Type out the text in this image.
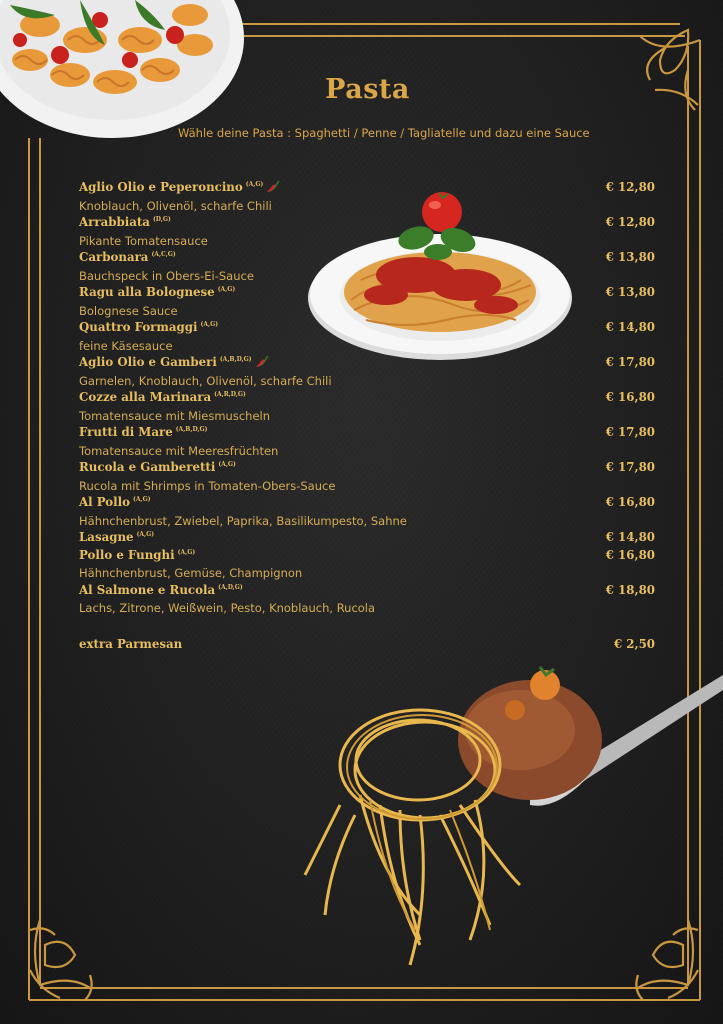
Pasta
Wähle deine Pasta : Spaghetti / Penne / Tagliatelle und dazu eine Sauce
Aglio Olio e Peperoncino $^{(A,G)}$	€ 12,80
Knoblauch, Olivenöl, scharfe Chili
Arrabbiata $^{(D,G)}$	€ 12,80
Pikante Tomatensauce
Carbonara $^{(A,C,G)}$	€ 13,80
Bauchspeck in Obers-Ei-Sauce
Ragu alla Bolognese $^{(A,G)}$	€ 13,80
Bolognese Sauce
Quattro Formaggi $^{(A,G)}$	€ 14,80
feine Käsesauce
Aglio Olio e Gamberi $^{(A,B,D,G)}$	€ 17,80
Garnelen, Knoblauch, Olivenöl, scharfe Chili
Cozze alla Marinara $^{(A,R,D,G)}$	€ 16,80
Tomatensauce mit Miesmuscheln
Frutti di Mare $^{(A,B,D,G)}$	€ 17,80
Tomatensauce mit Meeresfrüchten
Rucola e Gamberetti $^{(A,G)}$	€ 17,80
Rucola mit Shrimps in Tomaten-Obers-Sauce
Al Pollo $^{(A,G)}$	€ 16,80
Hähnchenbrust, Zwiebel, Paprika, Basilikumpesto, Sahne
Lasagne $^{(A,G)}$	€ 14,80
Pollo e Funghi $^{(A,G)}$	€ 16,80
Hähnchenbrust, Gemüse, Champignon
Al Salmone e Rucola $^{(A,D,G)}$	€ 18,80
Lachs, Zitrone, Weißwein, Pesto, Knoblauch, Rucola
extra Parmesan	€ 2,50
